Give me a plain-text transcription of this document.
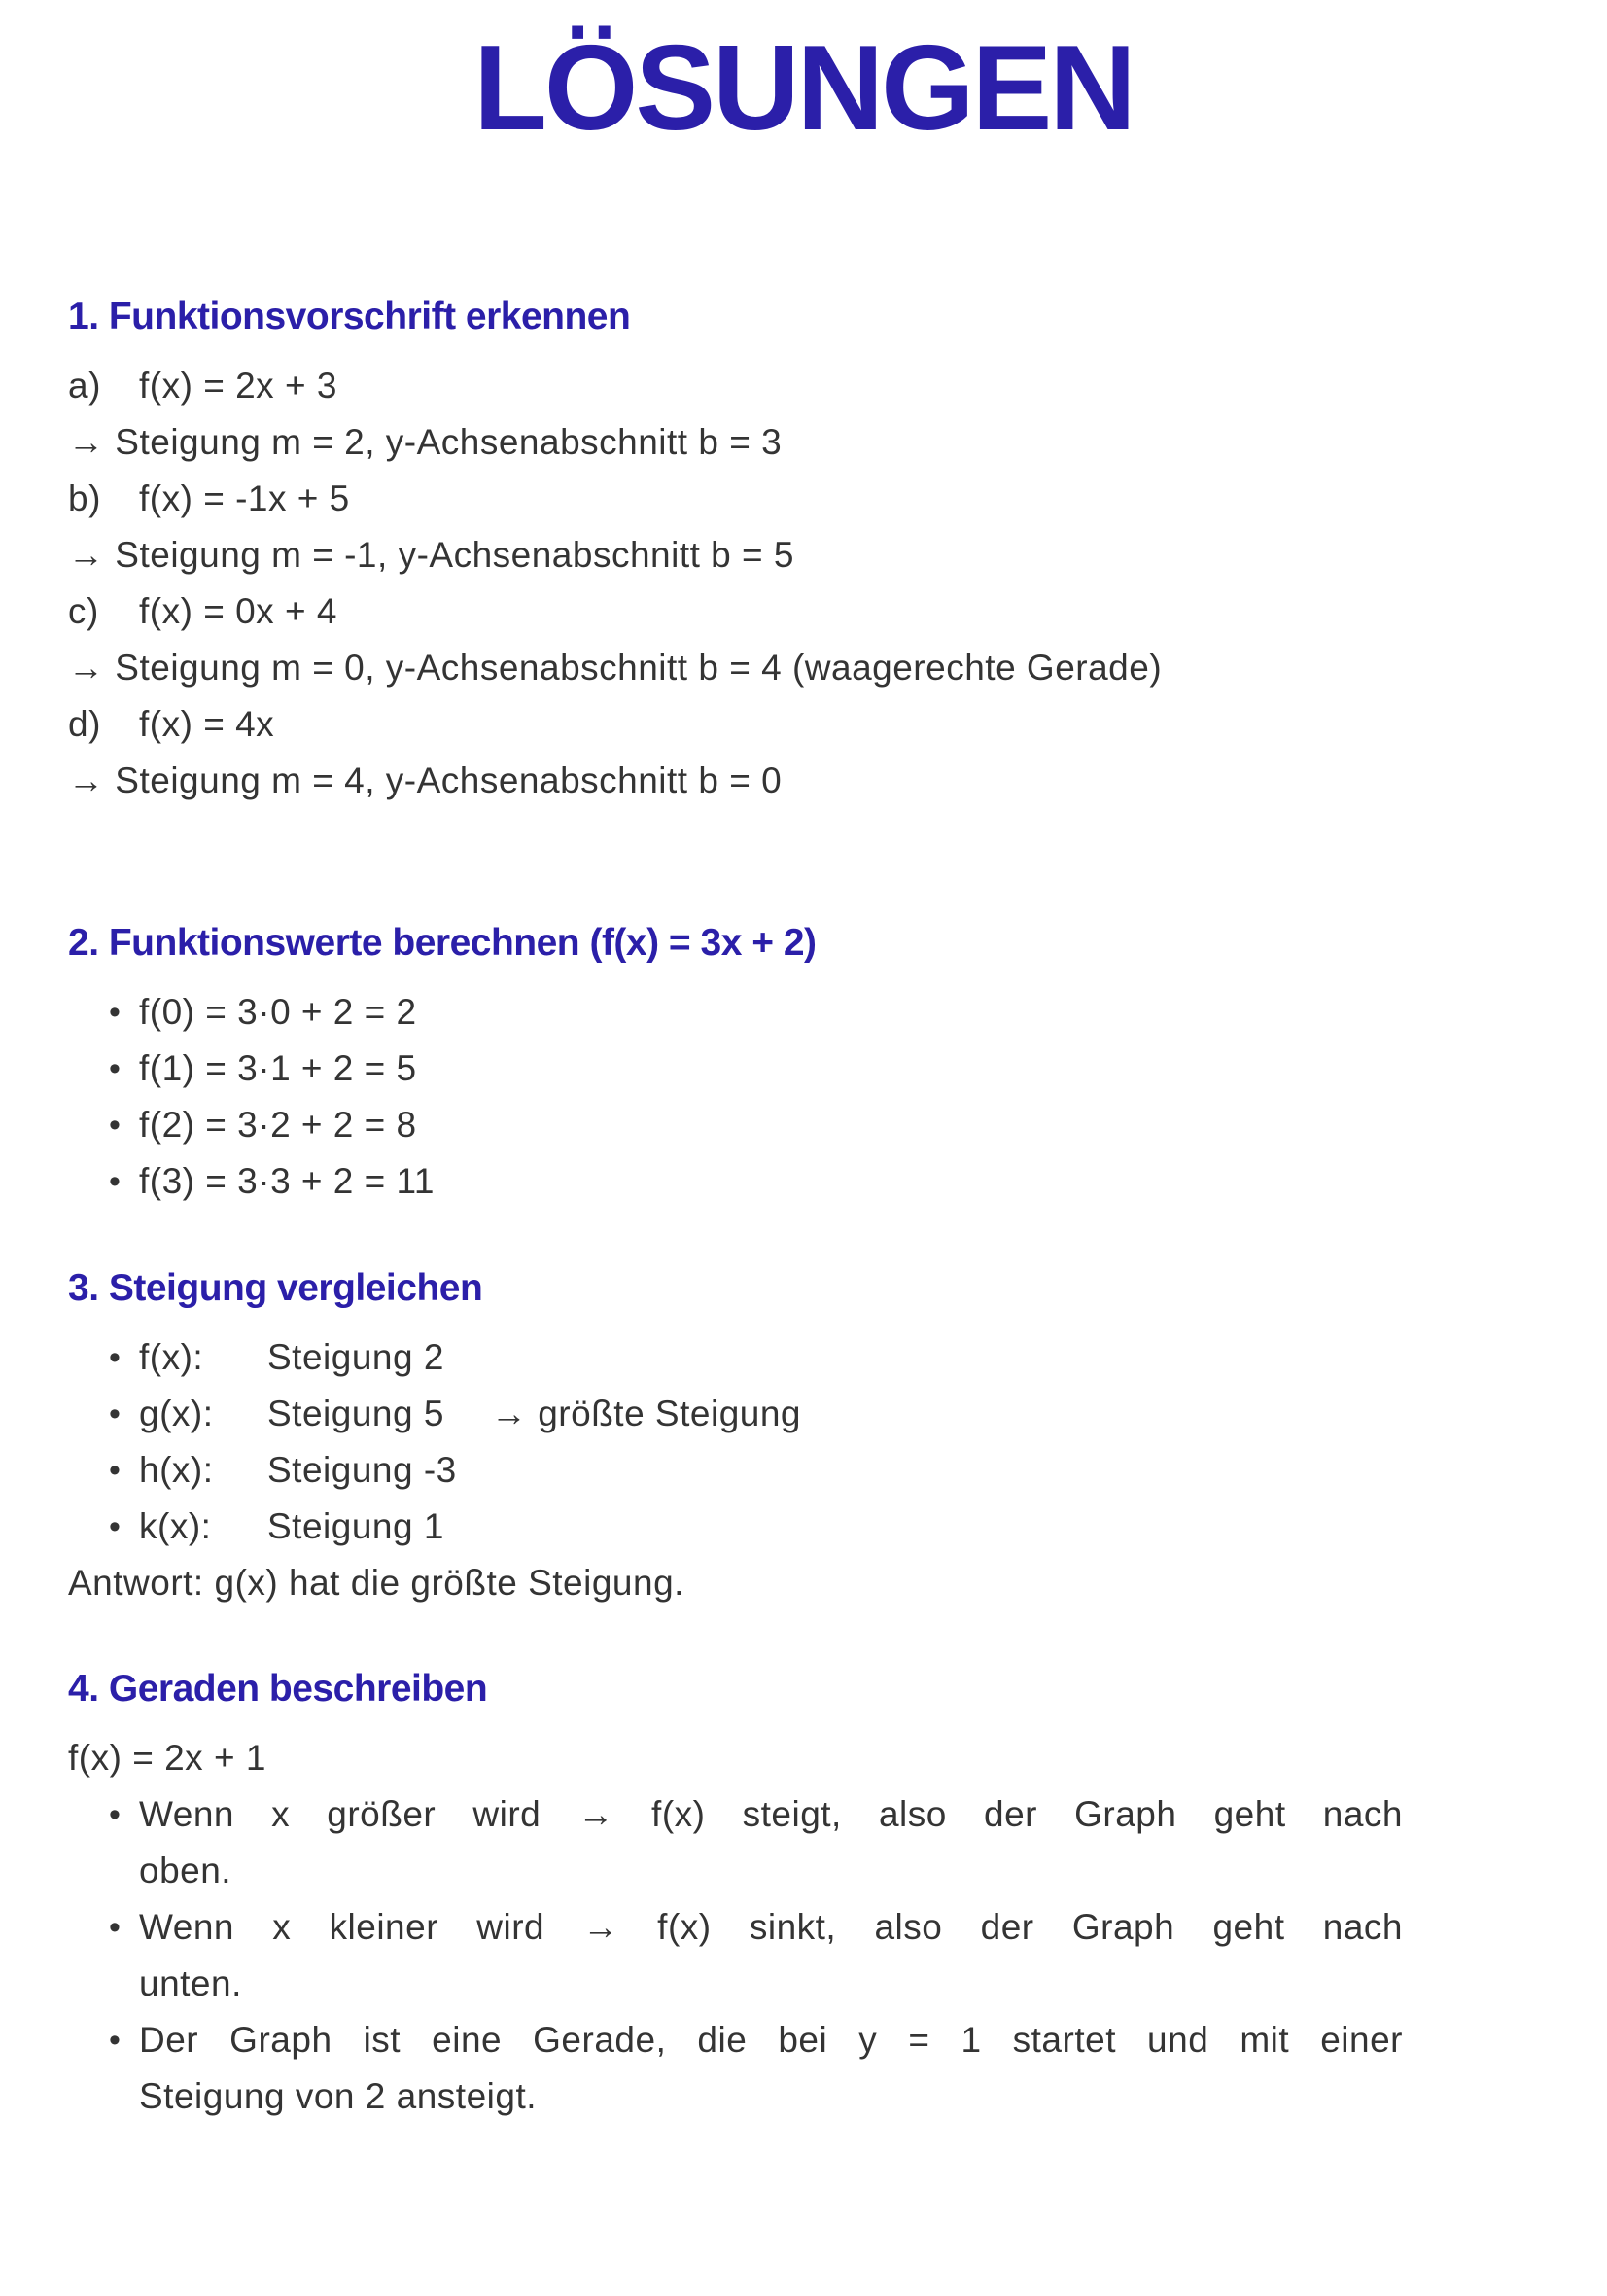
LÖSUNGEN
1. Funktionsvorschrift erkennen
a) f(x) = 2x + 3
→ Steigung m = 2, y-Achsenabschnitt b = 3
b) f(x) = -1x + 5
→ Steigung m = -1, y-Achsenabschnitt b = 5
c) f(x) = 0x + 4
→ Steigung m = 0, y-Achsenabschnitt b = 4 (waagerechte Gerade)
d) f(x) = 4x
→ Steigung m = 4, y-Achsenabschnitt b = 0
2. Funktionswerte berechnen (f(x) = 3x + 2)
• f(0) = 3·0 + 2 = 2
• f(1) = 3·1 + 2 = 5
• f(2) = 3·2 + 2 = 8
• f(3) = 3·3 + 2 = 11
3. Steigung vergleichen
• f(x): Steigung 2
• g(x): Steigung 5 → größte Steigung
• h(x): Steigung -3
• k(x): Steigung 1
Antwort: g(x) hat die größte Steigung.
4. Geraden beschreiben
f(x) = 2x + 1
• Wenn x größer wird → f(x) steigt, also der Graph geht nach
oben.
• Wenn x kleiner wird → f(x) sinkt, also der Graph geht nach
unten.
• Der Graph ist eine Gerade, die bei y = 1 startet und mit einer
Steigung von 2 ansteigt.
